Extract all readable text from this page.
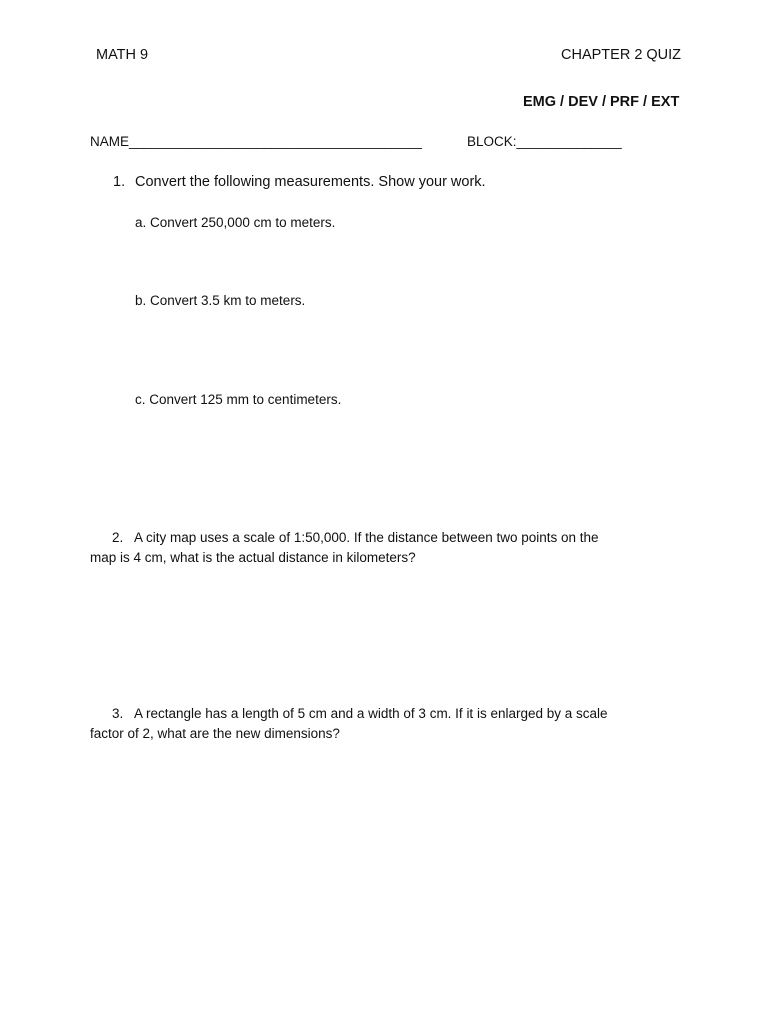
MATH 9	CHAPTER 2 QUIZ
EMG / DEV / PRF / EXT
NAME_______________________________________	BLOCK:______________
1. Convert the following measurements. Show your work.
a. Convert 250,000 cm to meters.
b. Convert 3.5 km to meters.
c. Convert 125 mm to centimeters.
2. A city map uses a scale of 1:50,000. If the distance between two points on the
map is 4 cm, what is the actual distance in kilometers?
3. A rectangle has a length of 5 cm and a width of 3 cm. If it is enlarged by a scale
factor of 2, what are the new dimensions?
